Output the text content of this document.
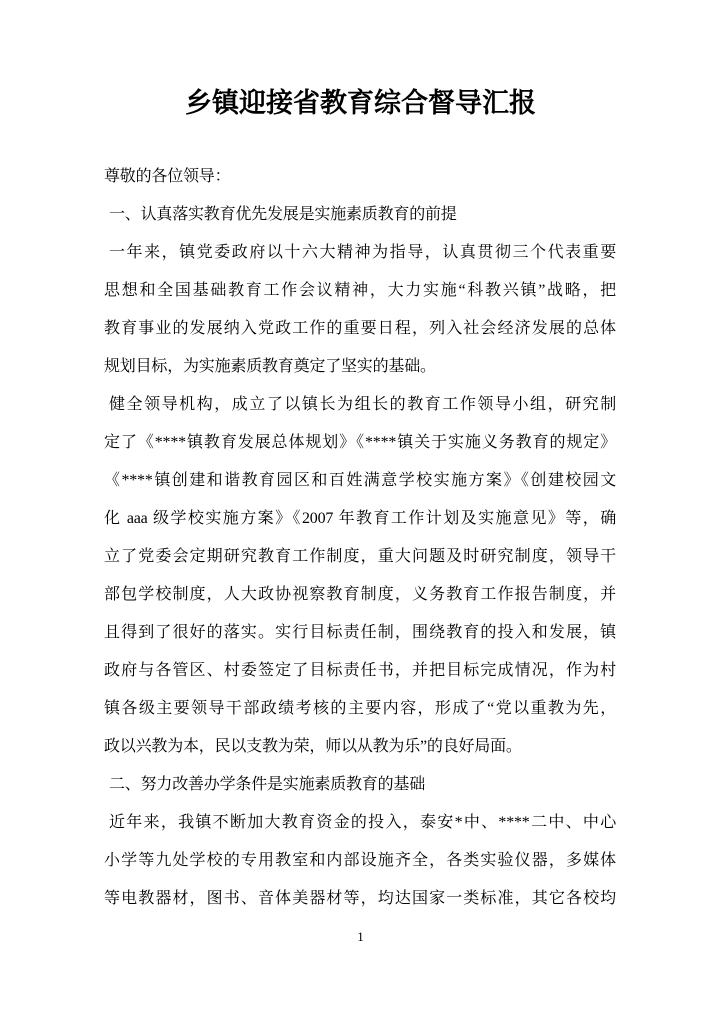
乡镇迎接省教育综合督导汇报
尊敬的各位领导：
一、认真落实教育优先发展是实施素质教育的前提
一年来，镇党委政府以十六大精神为指导，认真贯彻三个代表重要
思想和全国基础教育工作会议精神，大力实施“科教兴镇”战略，把
教育事业的发展纳入党政工作的重要日程，列入社会经济发展的总体
规划目标，为实施素质教育奠定了坚实的基础。
健全领导机构，成立了以镇长为组长的教育工作领导小组，研究制
定了《****镇教育发展总体规划》《****镇关于实施义务教育的规定》
《****镇创建和谐教育园区和百姓满意学校实施方案》《创建校园文
化 aaa 级学校实施方案》《2007 年教育工作计划及实施意见》等，确
立了党委会定期研究教育工作制度，重大问题及时研究制度，领导干
部包学校制度，人大政协视察教育制度，义务教育工作报告制度，并
且得到了很好的落实。实行目标责任制，围绕教育的投入和发展，镇
政府与各管区、村委签定了目标责任书，并把目标完成情况，作为村
镇各级主要领导干部政绩考核的主要内容，形成了“党以重教为先，
政以兴教为本，民以支教为荣，师以从教为乐”的良好局面。
二、努力改善办学条件是实施素质教育的基础
近年来，我镇不断加大教育资金的投入，泰安*中、****二中、中心
小学等九处学校的专用教室和内部设施齐全，各类实验仪器，多媒体
等电教器材，图书、音体美器材等，均达国家一类标准，其它各校均
1
